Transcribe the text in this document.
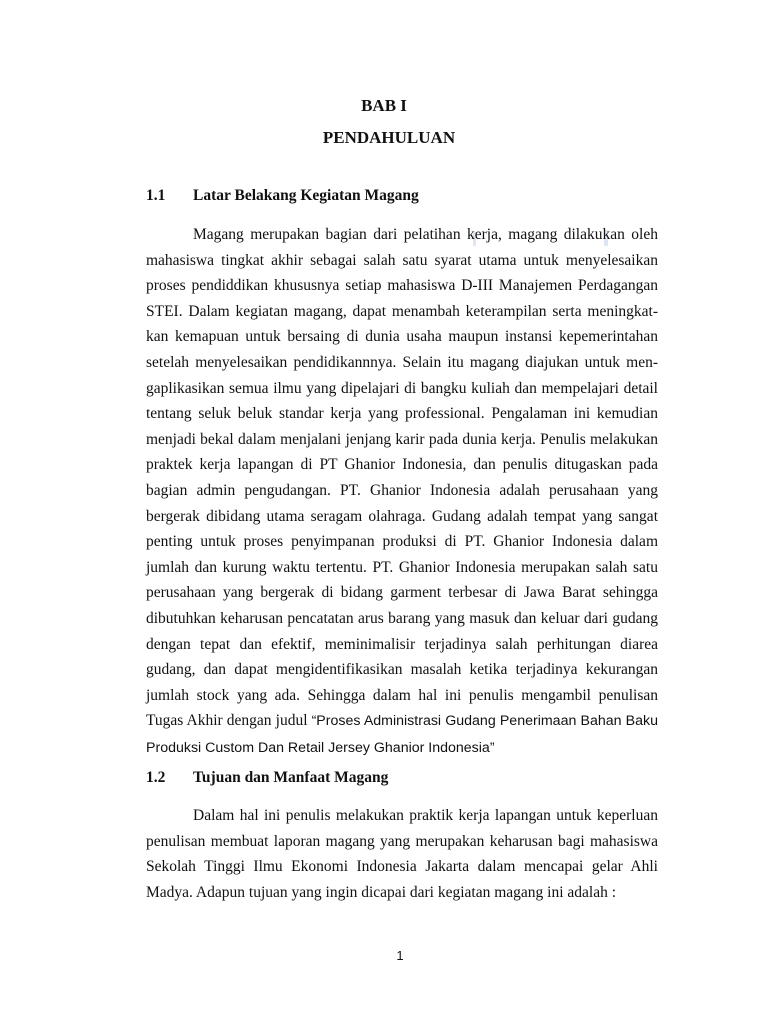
BAB I
PENDAHULUAN
1.1 Latar Belakang Kegiatan Magang

Magang merupakan bagian dari pelatihan kerja, magang dilakukan oleh mahasiswa tingkat akhir sebagai salah satu syarat utama untuk menyelesaikan proses pendiddikan khususnya setiap mahasiswa D-III Manajemen Perdagangan STEI. Dalam kegiatan magang, dapat menambah keterampilan serta meningkat-kan kemapuan untuk bersaing di dunia usaha maupun instansi kepemerintahan setelah menyelesaikan pendidikannnya. Selain itu magang diajukan untuk men-gaplikasikan semua ilmu yang dipelajari di bangku kuliah dan mempelajari detail tentang seluk beluk standar kerja yang professional. Pengalaman ini kemudian menjadi bekal dalam menjalani jenjang karir pada dunia kerja. Penulis melakukan praktek kerja lapangan di PT Ghanior Indonesia, dan penulis ditugaskan pada bagian admin pengudangan. PT. Ghanior Indonesia adalah perusahaan yang bergerak dibidang utama seragam olahraga. Gudang adalah tempat yang sangat penting untuk proses penyimpanan produksi di PT. Ghanior Indonesia dalam jumlah dan kurung waktu tertentu. PT. Ghanior Indonesia merupakan salah satu perusahaan yang bergerak di bidang garment terbesar di Jawa Barat sehingga dibutuhkan keharusan pencatatan arus barang yang masuk dan keluar dari gudang dengan tepat dan efektif, meminimalisir terjadinya salah perhitungan diarea gudang, dan dapat mengidentifikasikan masalah ketika terjadinya kekurangan jumlah stock yang ada. Sehingga dalam hal ini penulis mengambil penulisan Tugas Akhir dengan judul “Proses Administrasi Gudang Penerimaan Bahan Baku Produksi Custom Dan Retail Jersey Ghanior Indonesia”

1.2 Tujuan dan Manfaat Magang

Dalam hal ini penulis melakukan praktik kerja lapangan untuk keperluan penulisan membuat laporan magang yang merupakan keharusan bagi mahasiswa Sekolah Tinggi Ilmu Ekonomi Indonesia Jakarta dalam mencapai gelar Ahli Madya. Adapun tujuan yang ingin dicapai dari kegiatan magang ini adalah :

1
